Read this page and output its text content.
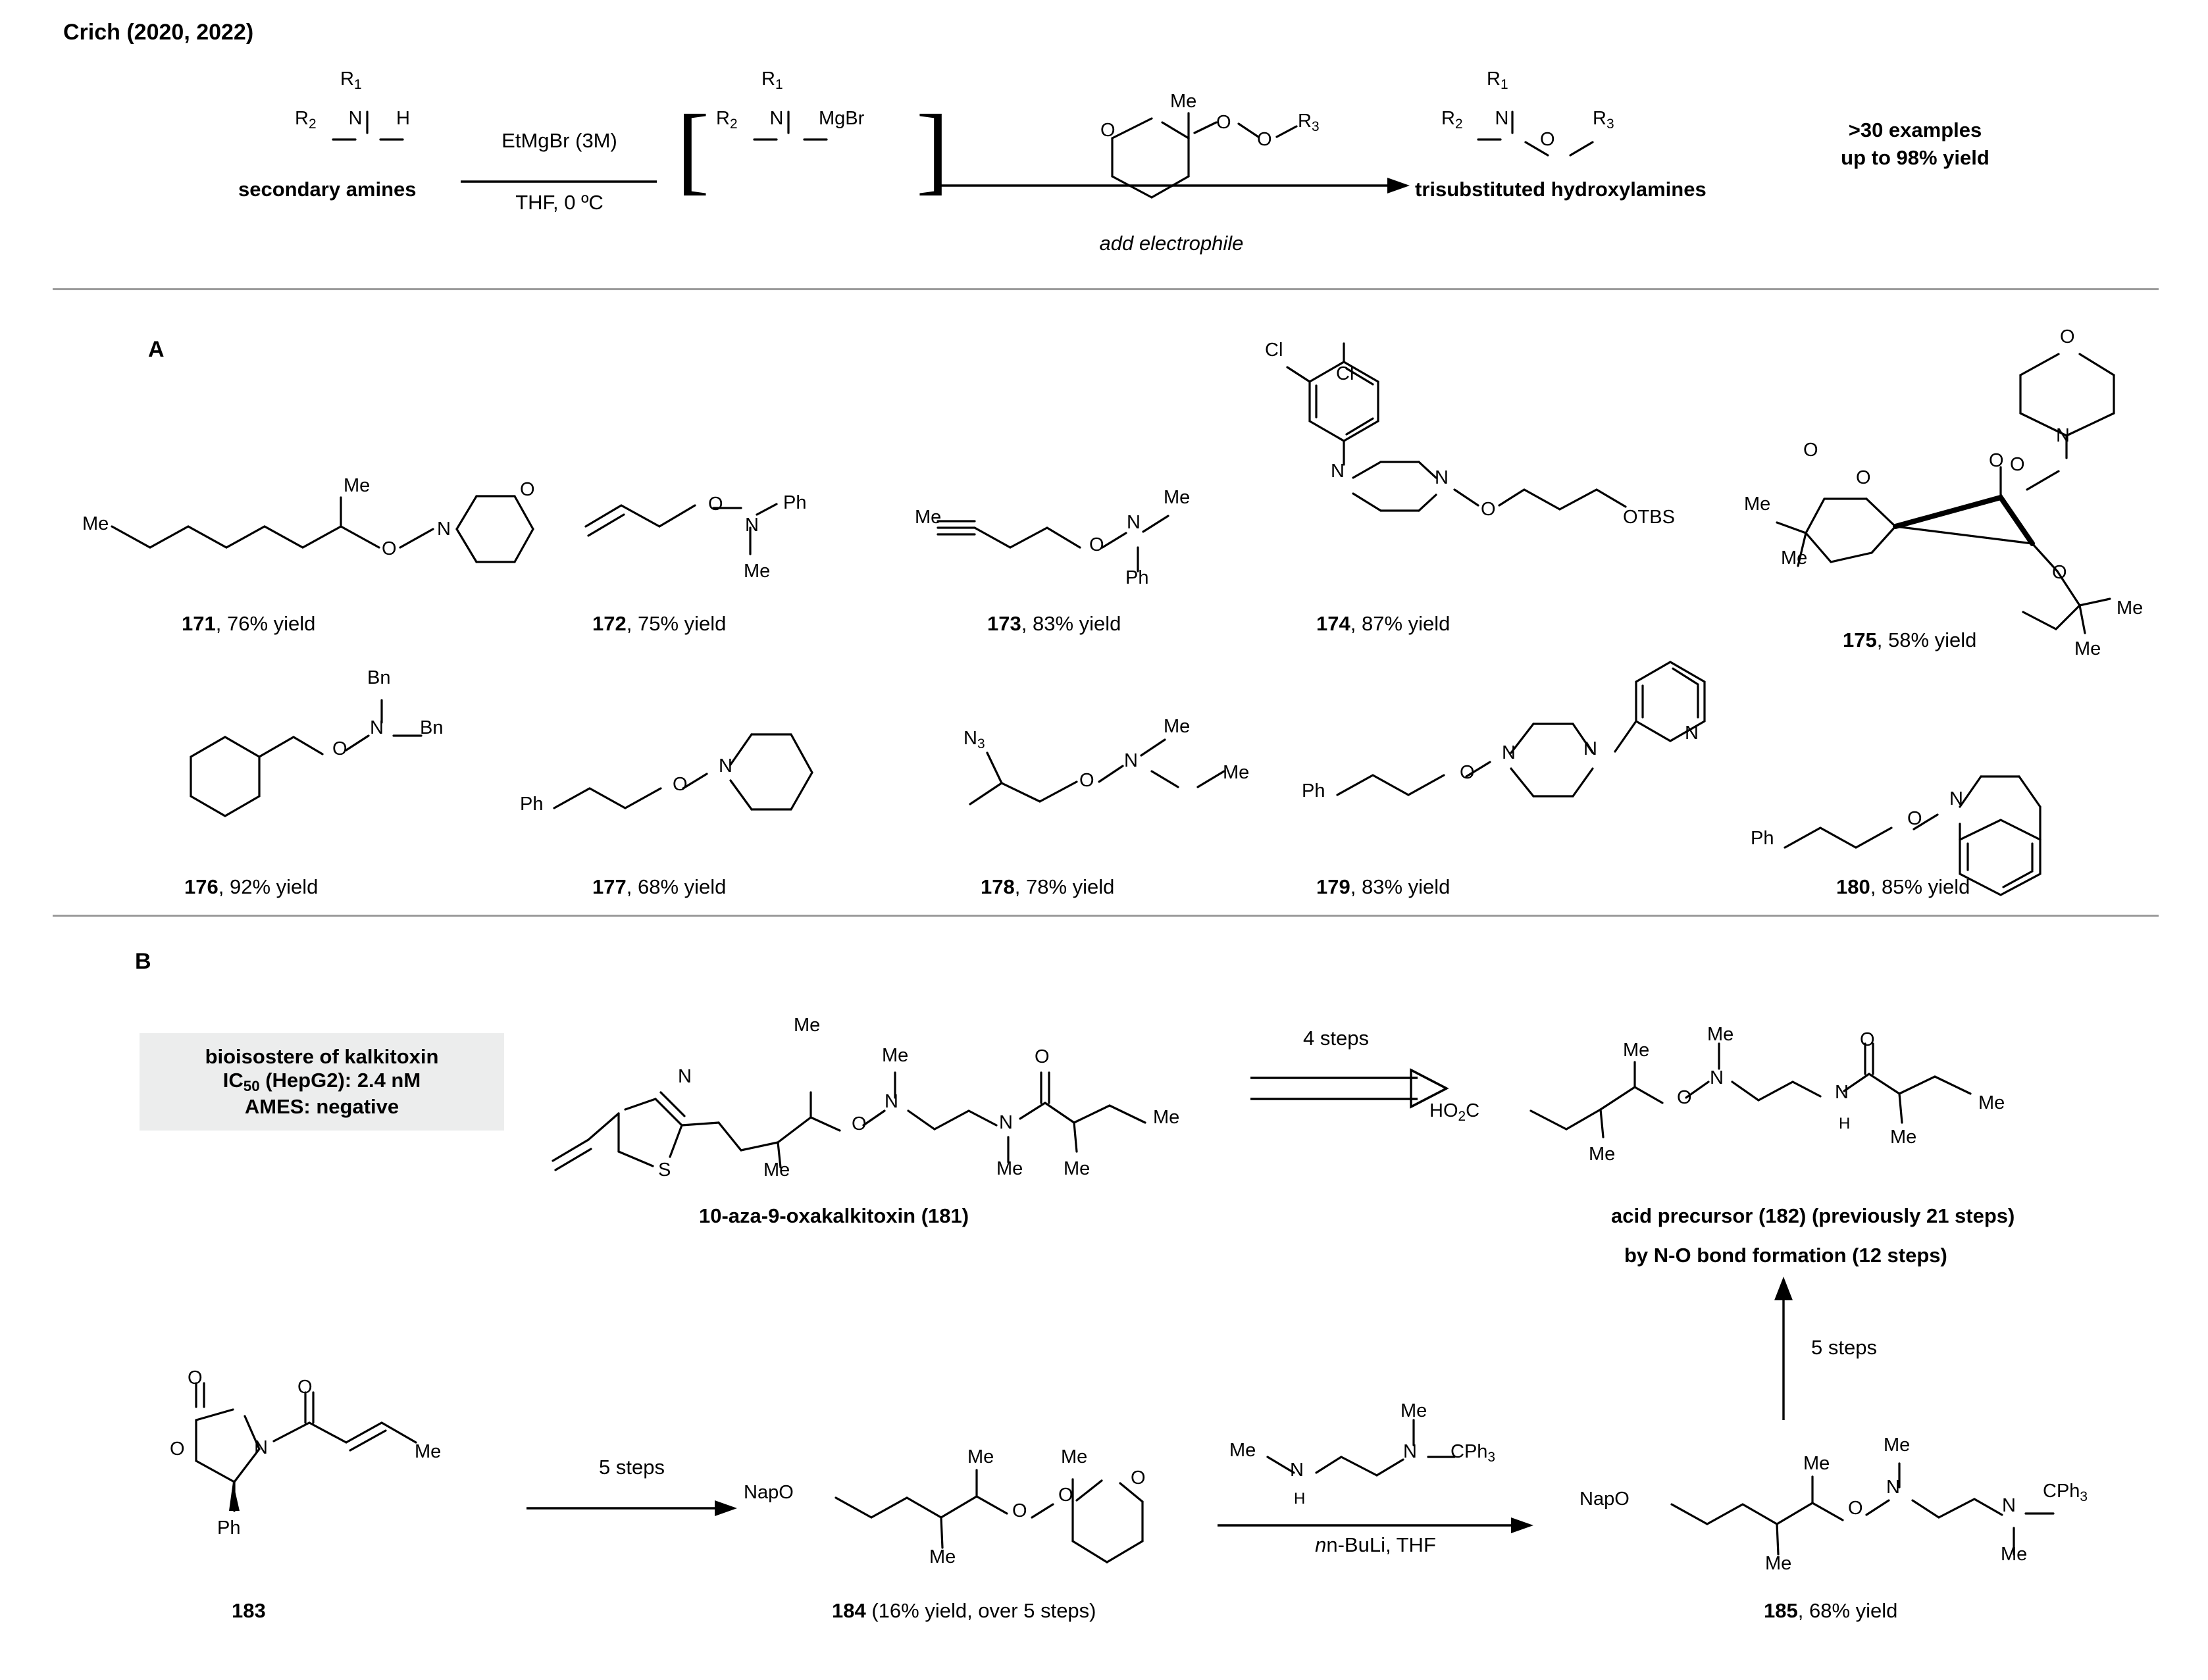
Crich (2020, 2022)
N
$R_1$
$R_2$	H
secondary amines
EtMgBr (3M)
THF, 0 ºC [ ]
N
$R_1$
$R_2$	MgBr
add electrophile
O
Me
O
O
$R_3$	N
$R_1$
$R_2$
O
$R_3$
trisubstituted hydroxylamines
>30 examples
up to 98% yield
A
Me
Me
O
N
O
171, 76% yield
O
N
Ph
Me
172, 75% yield
Me
O
N
Me
Ph
173, 83% yield
Cl
Cl
N	N
O	OTBS
174, 87% yield
O
N
O
O
O
O
O
Me
Me
Me
Me
175, 58% yield
O
N
Bn
Bn
176, 92% yield
Ph
O
N
177, 68% yield
$N_3$
O
N
Me
Me
178, 78% yield
Ph
O
N	N
N
179, 83% yield
Ph
O
N
180, 85% yield
B
bioisostere of kalkitoxin
$IC_{50}$ (HepG2): 2.4 nM
AMES: negative
N
S	Me
Me
O
N
Me
N
Me
O
Me
Me
10-aza-9-oxakalkitoxin (181)
4 steps
$HO_2C$
Me
Me
O
N
Me
N
H
O
Me
Me
acid precursor (182) (previously 21 steps)
by N-O bond formation (12 steps)
5 steps
O	O
N
O	Me
Ph
183
5 steps
NapO
Me
Me
O
O
Me
O
184 (16% yield, over 5 steps)
Me
N
H
N
Me
CPh$_3$
nn-BuLi, THF
NapO
Me
Me
O
N
Me
N
Me
CPh$_3$
185, 68% yield
